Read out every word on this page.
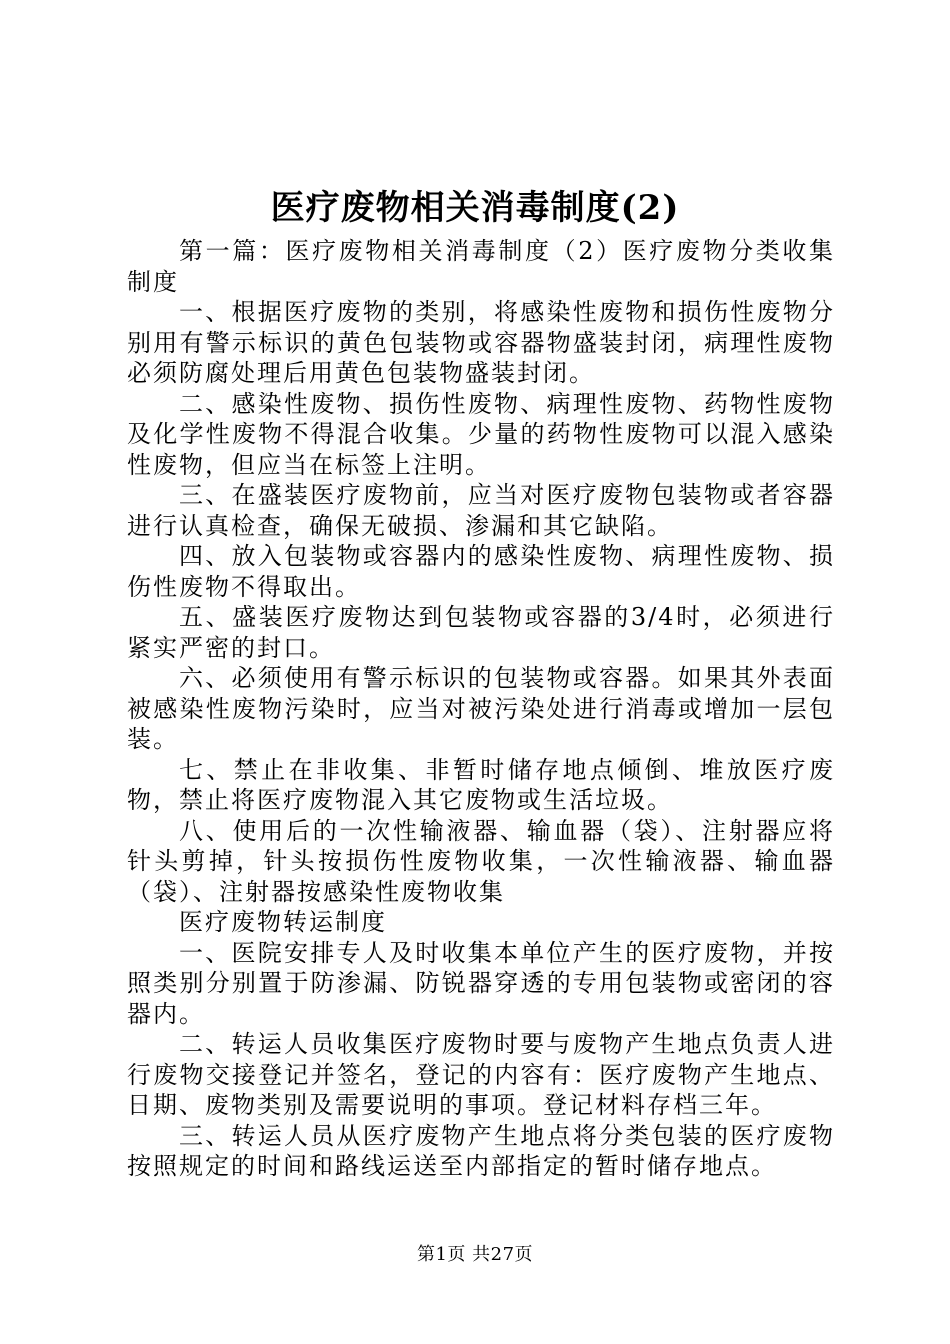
医疗废物相关消毒制度(2)

第一篇：医疗废物相关消毒制度（2）医疗废物分类收集制度

一、根据医疗废物的类别，将感染性废物和损伤性废物分别用有警示标识的黄色包装物或容器物盛装封闭，病理性废物必须防腐处理后用黄色包装物盛装封闭。

二、感染性废物、损伤性废物、病理性废物、药物性废物及化学性废物不得混合收集。少量的药物性废物可以混入感染性废物，但应当在标签上注明。

三、在盛装医疗废物前，应当对医疗废物包装物或者容器进行认真检查，确保无破损、渗漏和其它缺陷。

四、放入包装物或容器内的感染性废物、病理性废物、损伤性废物不得取出。

五、盛装医疗废物达到包装物或容器的3/4时，必须进行紧实严密的封口。

六、必须使用有警示标识的包装物或容器。如果其外表面被感染性废物污染时，应当对被污染处进行消毒或增加一层包装。

七、禁止在非收集、非暂时储存地点倾倒、堆放医疗废物，禁止将医疗废物混入其它废物或生活垃圾。

八、使用后的一次性输液器、输血器（袋）、注射器应将针头剪掉，针头按损伤性废物收集，一次性输液器、输血器（袋）、注射器按感染性废物收集

医疗废物转运制度

一、医院安排专人及时收集本单位产生的医疗废物，并按照类别分别置于防渗漏、防锐器穿透的专用包装物或密闭的容器内。

二、转运人员收集医疗废物时要与废物产生地点负责人进行废物交接登记并签名，登记的内容有：医疗废物产生地点、日期、废物类别及需要说明的事项。登记材料存档三年。

三、转运人员从医疗废物产生地点将分类包装的医疗废物按照规定的时间和路线运送至内部指定的暂时储存地点。

第1页 共27页
